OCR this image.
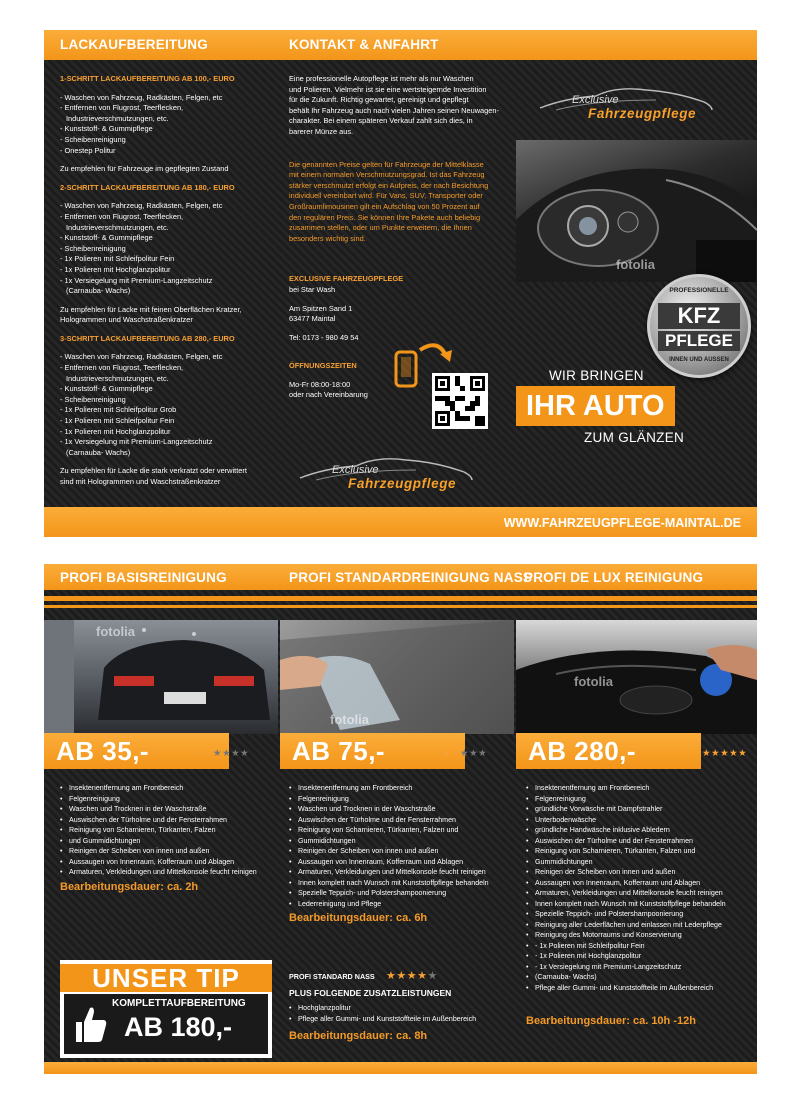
LACKAUFBEREITUNG	KONTAKT & ANFAHRT

1-SCHRITT LACKAUFBEREITUNG AB 100,- EURO

- Waschen von Fahrzeug, Radkästen, Felgen, etc

- Entfernen von Flugrost, Teerflecken,

Industrieverschmutzungen, etc.

- Kunststoff- & Gummipflege

- Scheibenreinigung

- Onestep Politur

Zu empfehlen für Fahrzeuge im gepflegten Zustand

2-SCHRITT LACKAUFBEREITUNG AB 180,- EURO

- Waschen von Fahrzeug, Radkästen, Felgen, etc

- Entfernen von Flugrost, Teerflecken,

Industrieverschmutzungen, etc.

- Kunststoff- & Gummipflege

- Scheibenreinigung

- 1x Polieren mit Schleifpolitur Fein

- 1x Polieren mit Hochglanzpolitur

- 1x Versiegelung mit Premium-Langzeitschutz

(Carnauba- Wachs)

Zu empfehlen für Lacke mit feinen Oberflächen Kratzer,

Hologrammen und Waschstraßenkratzer

3-SCHRITT LACKAUFBEREITUNG AB 280,- EURO

- Waschen von Fahrzeug, Radkästen, Felgen, etc

- Entfernen von Flugrost, Teerflecken,

Industrieverschmutzungen, etc.

- Kunststoff- & Gummipflege

- Scheibenreinigung

- 1x Polieren mit Schleifpolitur Grob

- 1x Polieren mit Schleifpolitur Fein

- 1x Polieren mit Hochglanzpolitur

- 1x Versiegelung mit Premium-Langzeitschutz

(Carnauba- Wachs)

Zu empfehlen für Lacke die stark verkratzt oder verwittert

sind mit Hologrammen und Waschstraßenkratzer

Eine professionelle Autopflege ist mehr als nur Waschen

und Polieren. Vielmehr ist sie eine wertsteigernde Investition

für die Zukunft. Richtig gewartet, gereinigt und gepflegt

behält Ihr Fahrzeug auch nach vielen Jahren seinen Neuwagen-

charakter. Bei einem späteren Verkauf zahlt sich dies, in

barerer Münze aus.

Die genannten Preise gelten für Fahrzeuge der Mittelklasse

mit einem normalen Verschmutzungsgrad. Ist das Fahrzeug

stärker verschmutzt erfolgt ein Aufpreis, der nach Besichtung

individuell vereinbart wird. Für Vans, SUV, Transporter oder

Großraumlimousinen gilt ein Aufschlag von 50 Prozent auf

den regulären Preis. Sie können Ihre Pakete auch beliebig

zusammen stellen, oder um Punkte erweitern, die Ihnen

besonders wichtig sind.

EXCLUSIVE FAHRZEUGPFLEGE

bei Star Wash

Am Spitzen Sand 1

63477 Maintal

Tel: 0173 - 980 49 54

ÖFFNUNGSZEITEN

Mo-Fr 08:00-18:00

oder nach Vereinbarung

Exclusive
Fahrzeugpflege
Exclusive
Fahrzeugpflege
fotolia
PROFESSIONELLE
KFZ
PFLEGE
INNEN UND AUSSEN
WIR BRINGEN
IHR AUTO
ZUM GLÄNZEN
WWW.FAHRZEUGPFLEGE-MAINTAL.DE
PROFI BASISREINIGUNG	PROFI STANDARDREINIGUNG NASS
PROFI DE LUX REINIGUNG
fotolia
fotolia
fotolia
AB 35,-	★★★★★ AB 75,-	★★★★★ AB 280,-	★★★★★
• Insektenentfernung am Frontbereich
• Felgenreinigung
• Waschen und Trocknen in der Waschstraße
• Auswischen der Türholme und der Fensterrahmen
• Reinigung von Scharnieren, Türkanten, Falzen
• und Gummidichtungen
• Reinigen der Scheiben von innen und außen
• Aussaugen von Innenraum, Kofferraum und Ablagen
• Armaturen, Verkleidungen und Mittelkonsole feucht reinigen
Bearbeitungsdauer: ca. 2h
• Insektenentfernung am Frontbereich
• Felgenreinigung
• Waschen und Trocknen in der Waschstraße
• Auswischen der Türholme und der Fensterrahmen
• Reinigung von Scharnieren, Türkanten, Falzen und
• Gummidichtungen
• Reinigen der Scheiben von innen und außen
• Aussaugen von Innenraum, Kofferraum und Ablagen
• Armaturen, Verkleidungen und Mittelkonsole feucht reinigen
• Innen komplett nach Wunsch mit Kunststoffpflege behandeln
• Spezielle Teppich- und Polstershampoonierung
• Lederreinigung und Pflege
Bearbeitungsdauer: ca. 6h
• Insektenentfernung am Frontbereich
• Felgenreinigung
• gründliche Vorwäsche mit Dampfstrahler
• Unterbodenwäsche
• gründliche Handwäsche inklusive Abledern
• Auswischen der Türholme und der Fensterrahmen
• Reinigung von Scharnieren, Türkanten, Falzen und
• Gummidichtungen
• Reinigen der Scheiben von innen und außen
• Aussaugen von Innenraum, Kofferraum und Ablagen
• Armaturen, Verkleidungen und Mittelkonsole feucht reinigen
• Innen komplett nach Wunsch mit Kunststoffpflege behandeln
• Spezielle Teppich- und Polstershampoonierung
• Reinigung aller Lederflächen und einlassen mit Lederpflege
• Reinigung des Motorraums und Konservierung
• - 1x Polieren mit Schleifpolitur Fein
• - 1x Polieren mit Hochglanzpolitur
• - 1x Versiegelung mit Premium-Langzeitschutz
• (Carnauba- Wachs)
• Pflege aller Gummi- und Kunststoffteile im Außenbereich
Bearbeitungsdauer: ca. 10h -12h
UNSER TIP
KOMPLETTAUFBEREITUNG
AB 180,-
PROFI STANDARD NASS ★★★★★
PLUS FOLGENDE ZUSATZLEISTUNGEN
• Hochglanzpolitur
• Pflege aller Gummi- und Kunststoffteile im Außenbereich
Bearbeitungsdauer: ca. 8h
